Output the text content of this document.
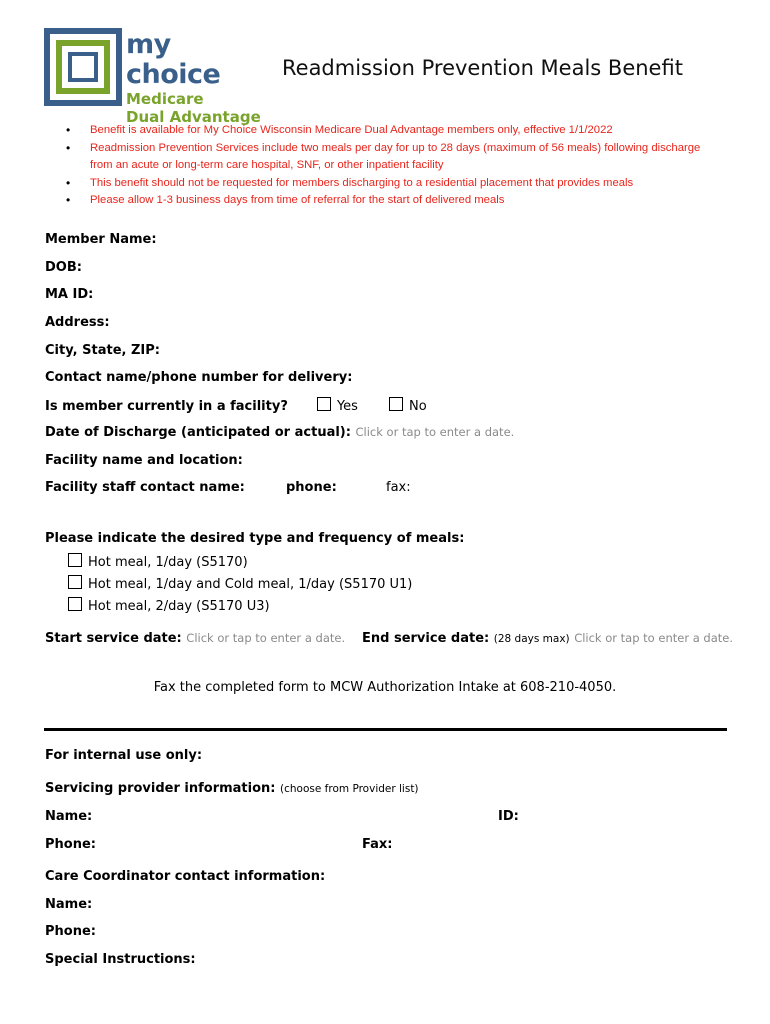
my choice
Medicare
Dual Advantage
Readmission Prevention Meals Benefit
• Benefit is available for My Choice Wisconsin Medicare Dual Advantage members only, effective 1/1/2022
• Readmission Prevention Services include two meals per day for up to 28 days (maximum of 56 meals) following discharge from an acute or long-term care hospital, SNF, or other inpatient facility
• This benefit should not be requested for members discharging to a residential placement that provides meals
• Please allow 1-3 business days from time of referral for the start of delivered meals
Member Name:
DOB:
MA ID:
Address:
City, State, ZIP:
Contact name/phone number for delivery:
Is member currently in a facility?	Yes	No
Date of Discharge (anticipated or actual): Click or tap to enter a date.
Facility name and location:
Facility staff contact name:	phone:	fax:
Please indicate the desired type and frequency of meals:
Hot meal, 1/day (S5170)
Hot meal, 1/day and Cold meal, 1/day (S5170 U1)
Hot meal, 2/day (S5170 U3)
Start service date: Click or tap to enter a date. End service date: (28 days max) Click or tap to enter a date.
Fax the completed form to MCW Authorization Intake at 608-210-4050.
For internal use only:
Servicing provider information: (choose from Provider list)
Name:	ID:
Phone:	Fax:
Care Coordinator contact information:
Name:
Phone:
Special Instructions:
